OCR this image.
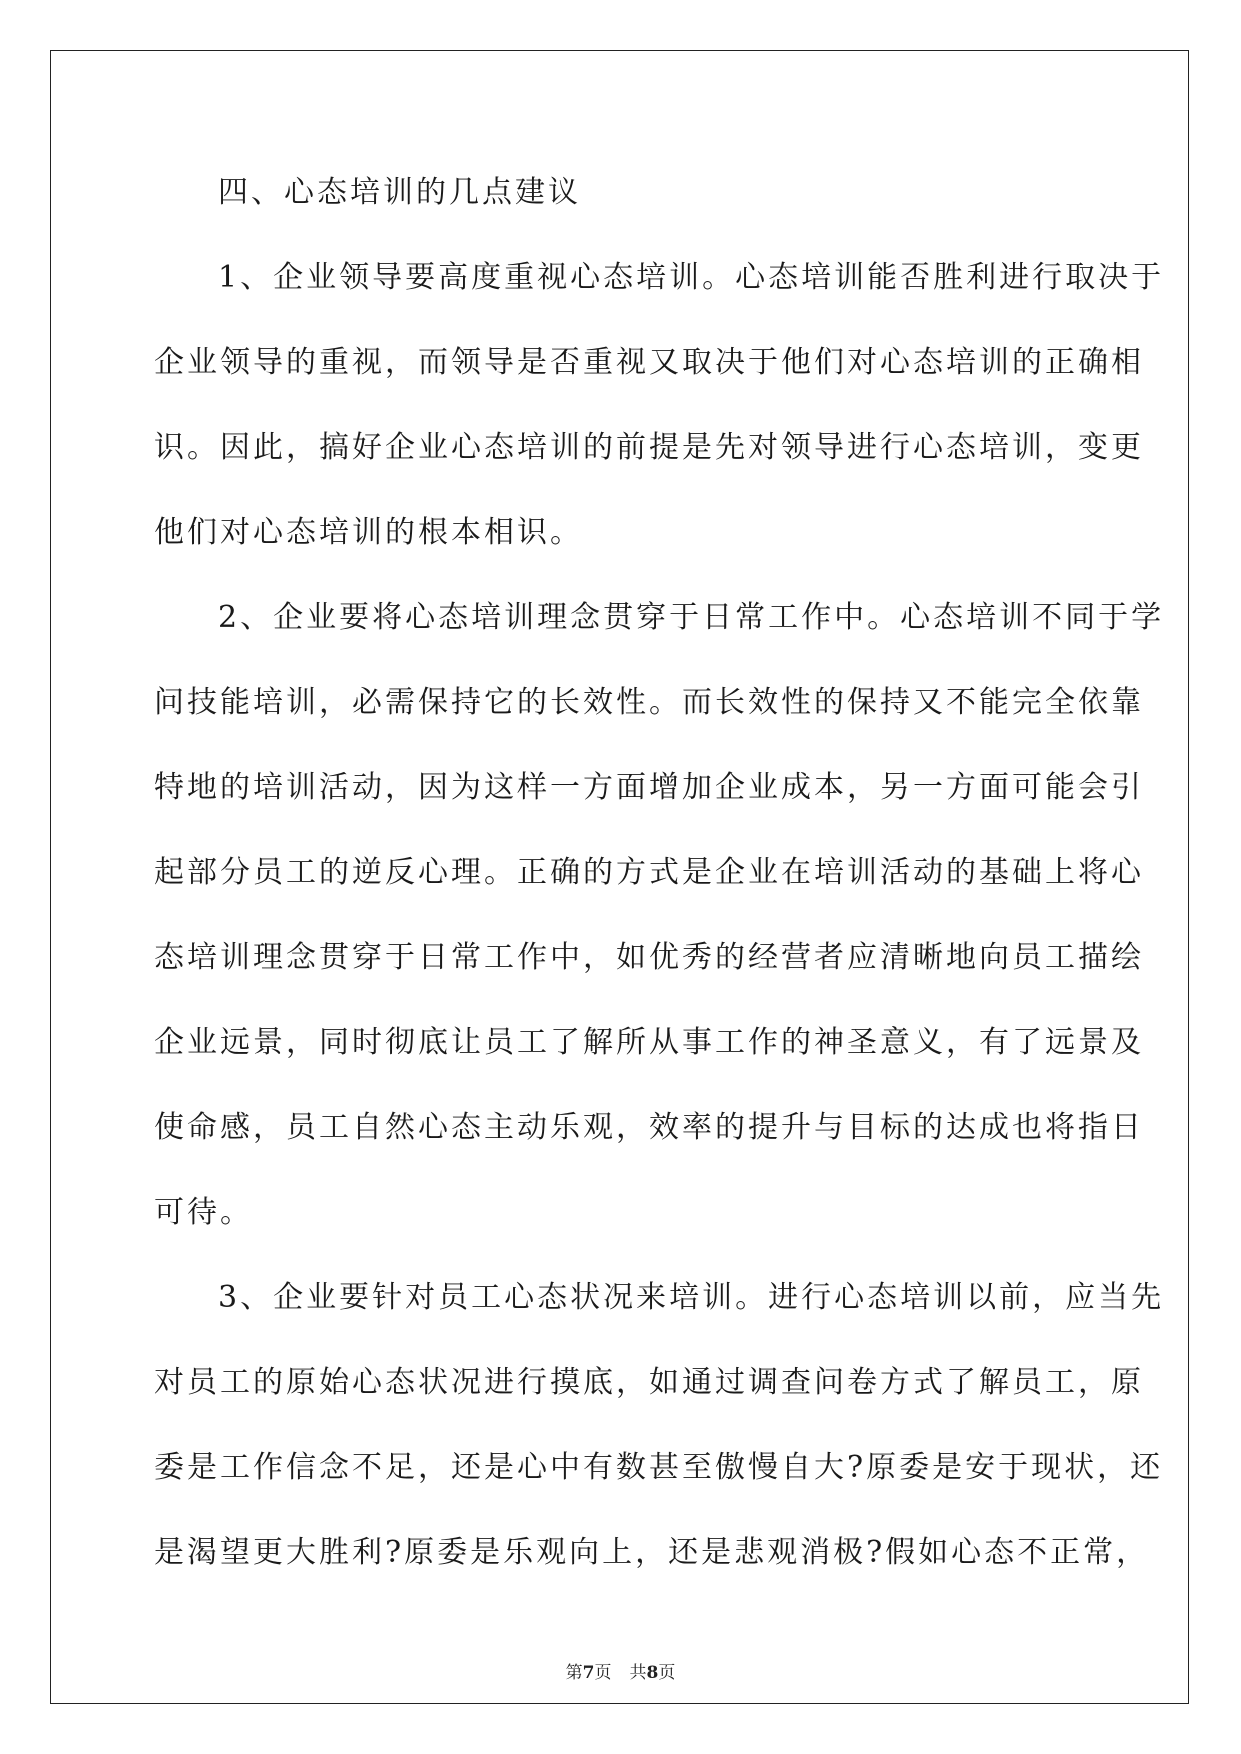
四、心态培训的几点建议

1、企业领导要高度重视心态培训。心态培训能否胜利进行取决于
企业领导的重视，而领导是否重视又取决于他们对心态培训的正确相
识。因此，搞好企业心态培训的前提是先对领导进行心态培训，变更
他们对心态培训的根本相识。
2、企业要将心态培训理念贯穿于日常工作中。心态培训不同于学
问技能培训，必需保持它的长效性。而长效性的保持又不能完全依靠
特地的培训活动，因为这样一方面增加企业成本，另一方面可能会引
起部分员工的逆反心理。正确的方式是企业在培训活动的基础上将心
态培训理念贯穿于日常工作中，如优秀的经营者应清晰地向员工描绘
企业远景，同时彻底让员工了解所从事工作的神圣意义，有了远景及
使命感，员工自然心态主动乐观，效率的提升与目标的达成也将指日
可待。
3、企业要针对员工心态状况来培训。进行心态培训以前，应当先
对员工的原始心态状况进行摸底，如通过调查问卷方式了解员工，原
委是工作信念不足，还是心中有数甚至傲慢自大?原委是安于现状，还
是渴望更大胜利?原委是乐观向上，还是悲观消极?假如心态不正常，
第7页 共8页
